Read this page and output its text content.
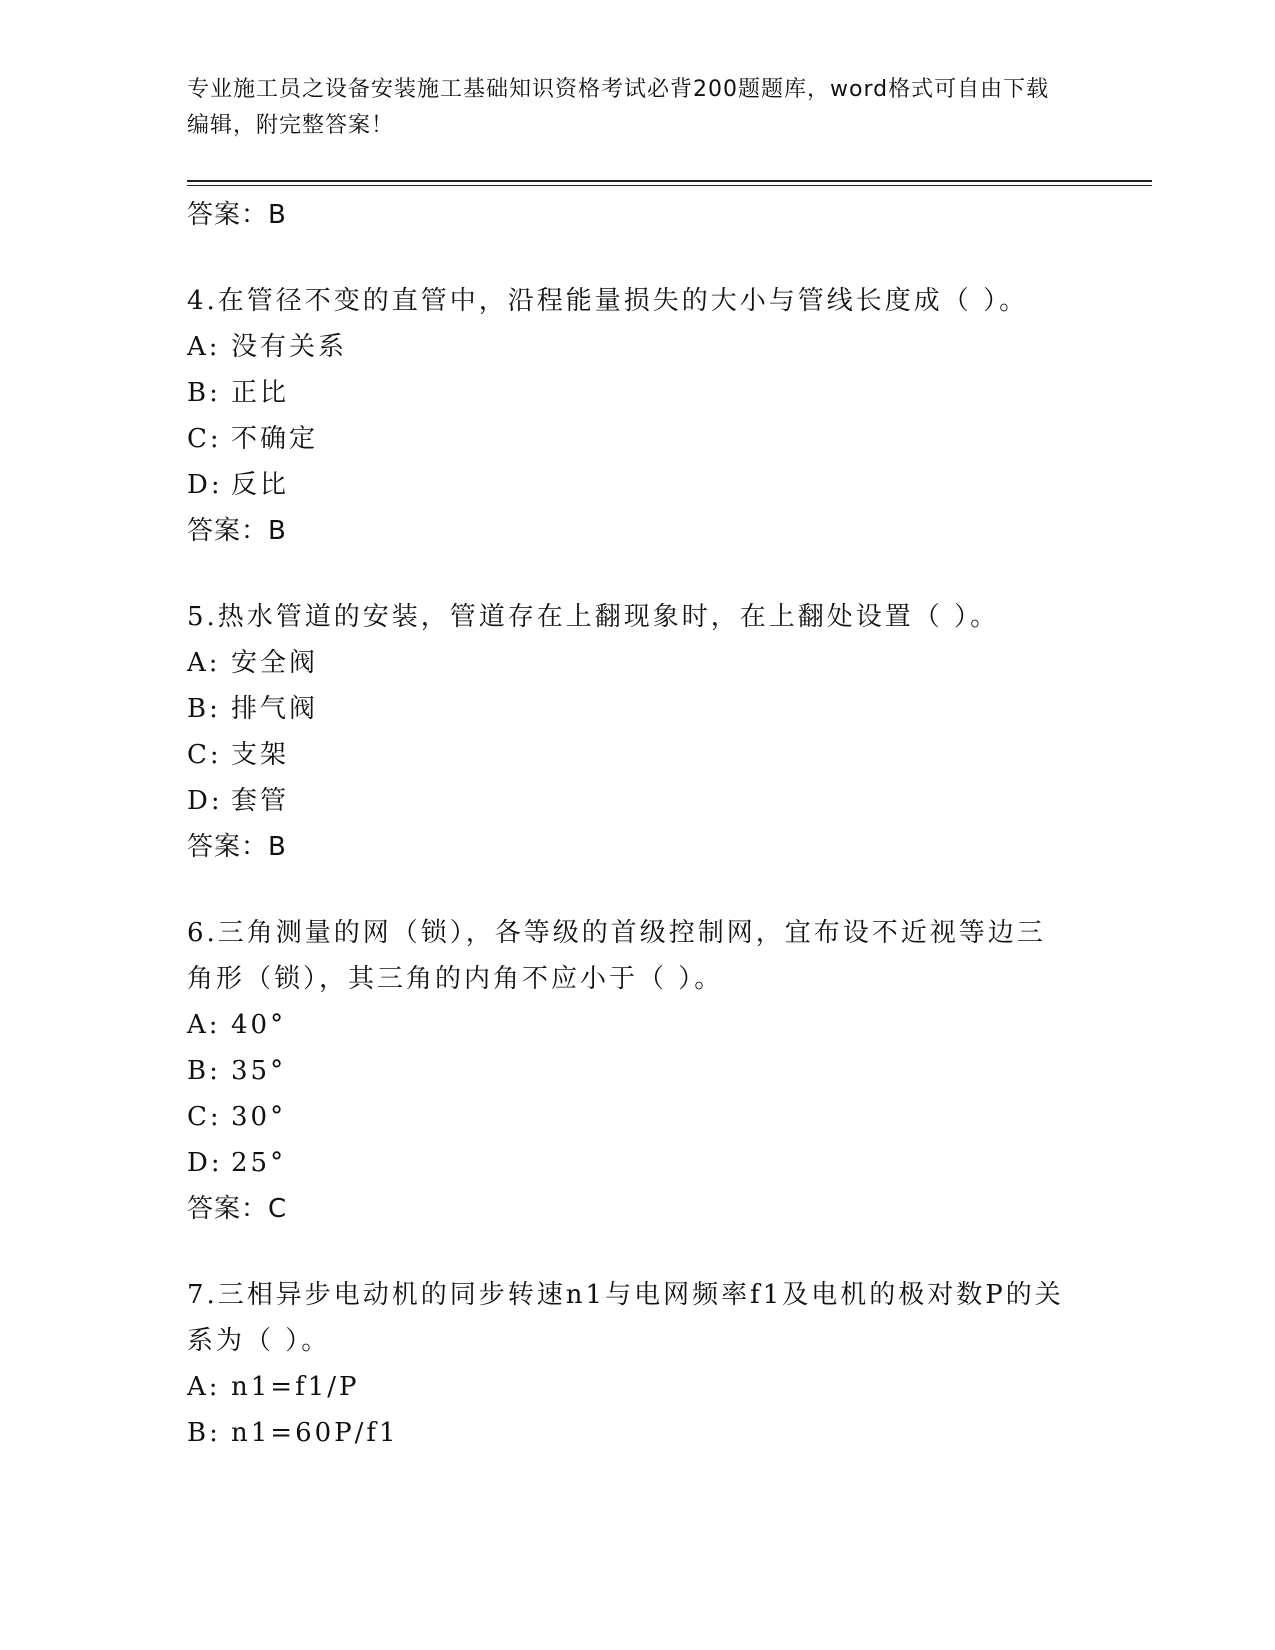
专业施工员之设备安装施工基础知识资格考试必背200题题库，word格式可自由下载编辑，附完整答案！

答案：B

4.在管径不变的直管中，沿程能量损失的大小与管线长度成（ ）。

A: 没有关系
B: 正比
C: 不确定
D: 反比

答案：B

5.热水管道的安装，管道存在上翻现象时，在上翻处设置（ ）。

A: 安全阀
B: 排气阀
C: 支架
D: 套管

答案：B

6.三角测量的网（锁），各等级的首级控制网，宜布设不近视等边三角形（锁），其三角的内角不应小于（ ）。

A: 40°
B: 35°
C: 30°
D: 25°

答案：C

7.三相异步电动机的同步转速n1与电网频率f1及电机的极对数P的关系为（ ）。

A: n1=f1/P
B: n1=60P/f1
